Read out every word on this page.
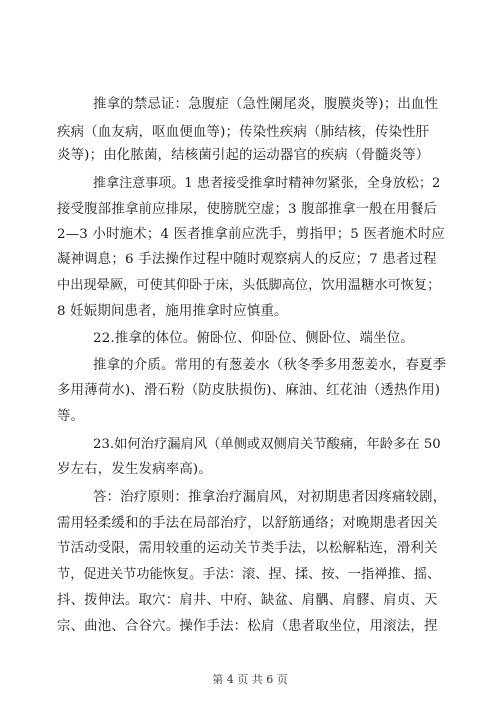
推拿的禁忌证：急腹症（急性阑尾炎，腹膜炎等)；出血性
疾病（血友病，呕血便血等)；传染性疾病（肺结核，传染性肝
炎等)；由化脓菌，结核菌引起的运动器官的疾病（骨髓炎等）
推拿注意事项。1 患者接受推拿时精神勿紧张，全身放松；2
接受腹部推拿前应排尿，使膀胱空虚；3 腹部推拿一般在用餐后
2—3 小时施术；4 医者推拿前应洗手，剪指甲；5 医者施术时应
凝神调息；6 手法操作过程中随时观察病人的反应；7 患者过程
中出现晕厥，可使其仰卧于床，头低脚高位，饮用温糖水可恢复；
8 妊娠期间患者，施用推拿时应慎重。
22.推拿的体位。俯卧位、仰卧位、侧卧位、端坐位。
推拿的介质。常用的有葱姜水（秋冬季多用葱姜水，春夏季
多用薄荷水)、滑石粉（防皮肤损伤)、麻油、红花油（透热作用)
等。
23.如何治疗漏肩风（单侧或双侧肩关节酸痛，年龄多在 50
岁左右，发生发病率高)。
答：治疗原则：推拿治疗漏肩风，对初期患者因疼痛较剧，
需用轻柔缓和的手法在局部治疗，以舒筋通络；对晚期患者因关
节活动受限，需用较重的运动关节类手法，以松解粘连，滑利关
节，促进关节功能恢复。手法：滚、捏、揉、按、一指禅推、摇、
抖、拨伸法。取穴：肩井、中府、缺盆、肩髃、肩髎、肩贞、天
宗、曲池、合谷穴。操作手法：松肩（患者取坐位，用滚法，捏
第 4 页 共 6 页
